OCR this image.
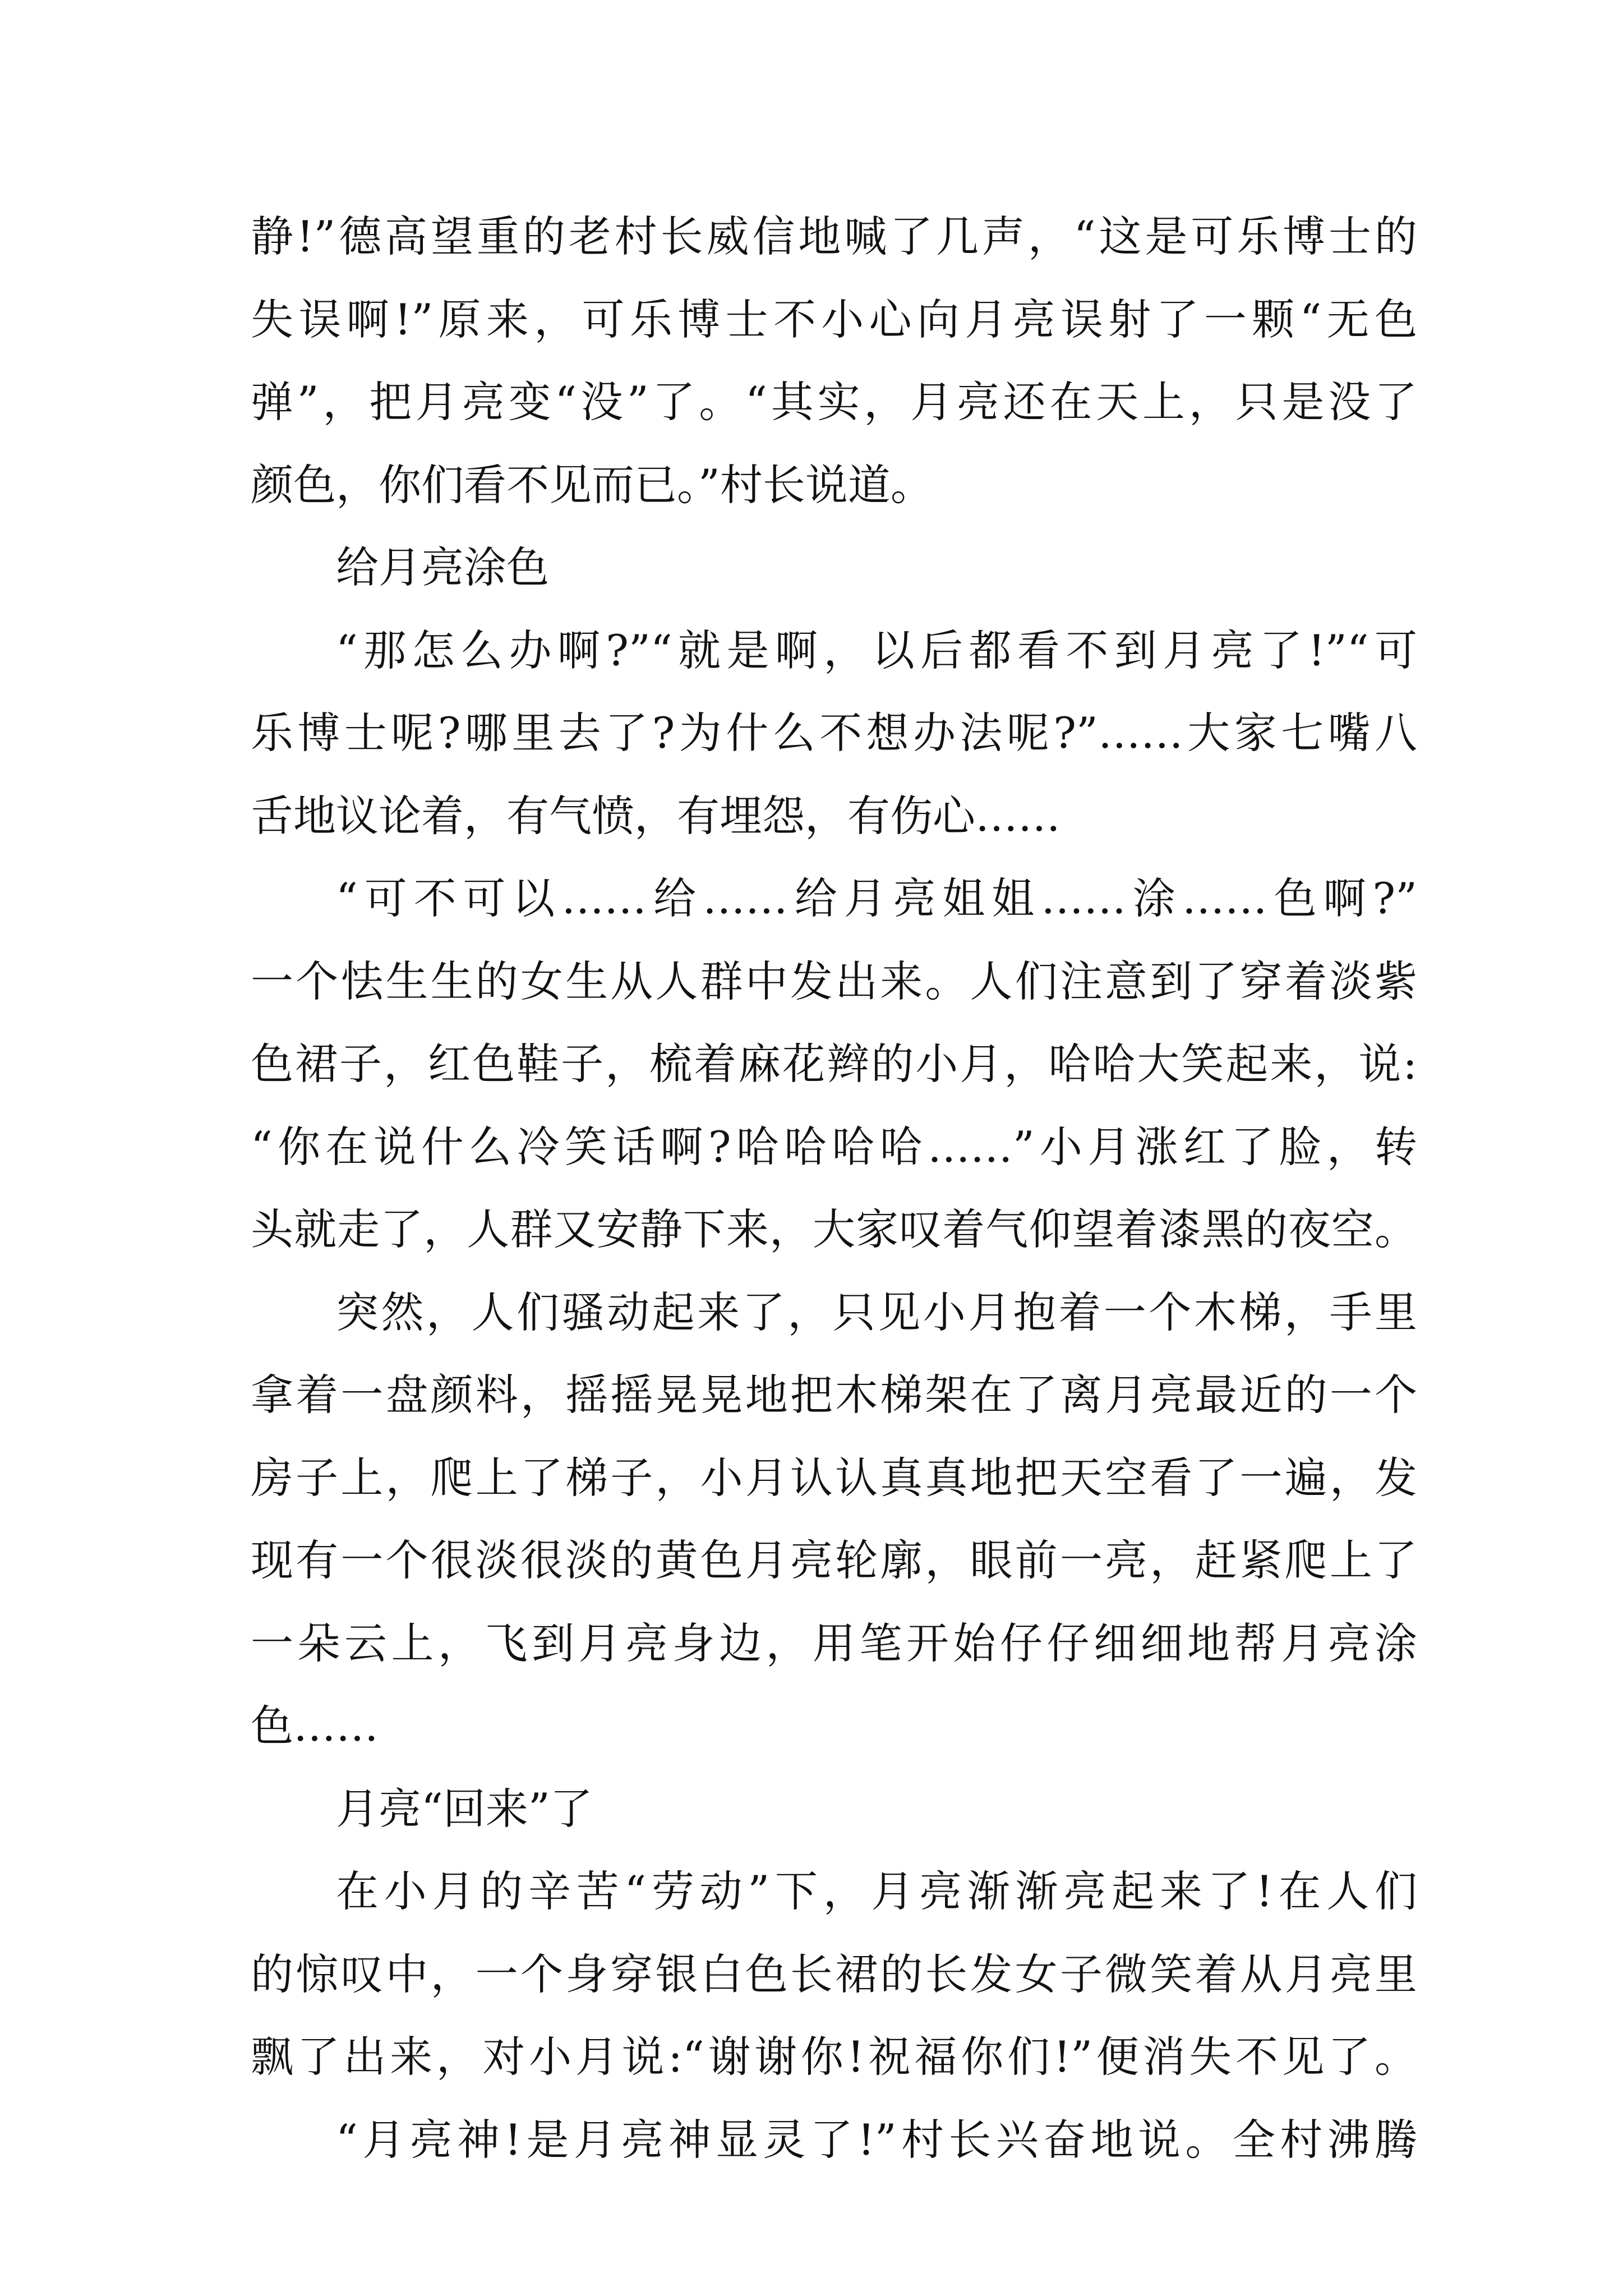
静!”德高望重的老村长威信地喊了几声，“这是可乐博士的
失误啊!”原来，可乐博士不小心向月亮误射了一颗“无色
弹”，把月亮变“没”了。“其实，月亮还在天上，只是没了
颜色，你们看不见而已。”村长说道。
给月亮涂色
“那怎么办啊?”“就是啊，以后都看不到月亮了!”“可
乐博士呢?哪里去了?为什么不想办法呢?”……大家七嘴八
舌地议论着，有气愤，有埋怨，有伤心……
“可不可以……给……给月亮姐姐……涂……色啊?”
一个怯生生的女生从人群中发出来。人们注意到了穿着淡紫
色裙子，红色鞋子，梳着麻花辫的小月，哈哈大笑起来，说:
“你在说什么冷笑话啊?哈哈哈哈……”小月涨红了脸，转
头就走了，人群又安静下来，大家叹着气仰望着漆黑的夜空。
突然，人们骚动起来了，只见小月抱着一个木梯，手里
拿着一盘颜料，摇摇晃晃地把木梯架在了离月亮最近的一个
房子上，爬上了梯子，小月认认真真地把天空看了一遍，发
现有一个很淡很淡的黄色月亮轮廓，眼前一亮，赶紧爬上了
一朵云上，飞到月亮身边，用笔开始仔仔细细地帮月亮涂
色……
月亮“回来”了
在小月的辛苦“劳动”下，月亮渐渐亮起来了!在人们
的惊叹中，一个身穿银白色长裙的长发女子微笑着从月亮里
飘了出来，对小月说:“谢谢你!祝福你们!”便消失不见了。
“月亮神!是月亮神显灵了!”村长兴奋地说。全村沸腾
